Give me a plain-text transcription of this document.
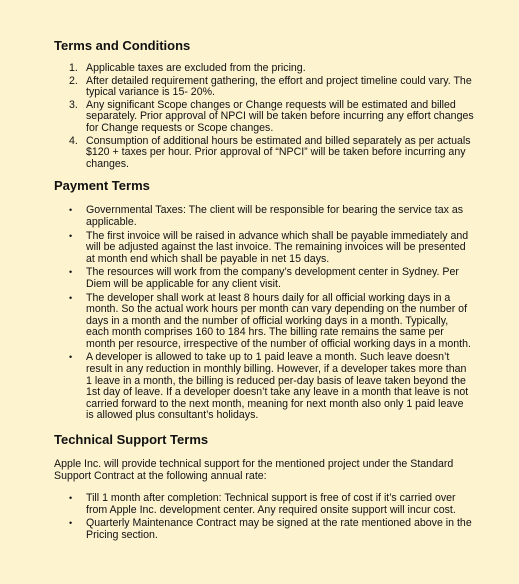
Terms and Conditions
1. Applicable taxes are excluded from the pricing.
2. After detailed requirement gathering, the effort and project timeline could vary. The typical variance is 15- 20%.
3. Any significant Scope changes or Change requests will be estimated and billed separately. Prior approval of NPCI will be taken before incurring any effort changes for Change requests or Scope changes.
4. Consumption of additional hours be estimated and billed separately as per actuals $120 + taxes per hour. Prior approval of “NPCI” will be taken before incurring any changes.
Payment Terms
• Governmental Taxes: The client will be responsible for bearing the service tax as applicable.
• The first invoice will be raised in advance which shall be payable immediately and will be adjusted against the last invoice. The remaining invoices will be presented at month end which shall be payable in net 15 days.
• The resources will work from the company’s development center in Sydney. Per Diem will be applicable for any client visit.
• The developer shall work at least 8 hours daily for all official working days in a month. So the actual work hours per month can vary depending on the number of days in a month and the number of official working days in a month. Typically, each month comprises 160 to 184 hrs. The billing rate remains the same per month per resource, irrespective of the number of official working days in a month.
• A developer is allowed to take up to 1 paid leave a month. Such leave doesn’t result in any reduction in monthly billing. However, if a developer takes more than 1 leave in a month, the billing is reduced per-day basis of leave taken beyond the 1st day of leave. If a developer doesn’t take any leave in a month that leave is not carried forward to the next month, meaning for next month also only 1 paid leave is allowed plus consultant’s holidays.
Technical Support Terms

Apple Inc. will provide technical support for the mentioned project under the Standard Support Contract at the following annual rate:

• Till 1 month after completion: Technical support is free of cost if it’s carried over from Apple Inc. development center. Any required onsite support will incur cost.
• Quarterly Maintenance Contract may be signed at the rate mentioned above in the Pricing section.
